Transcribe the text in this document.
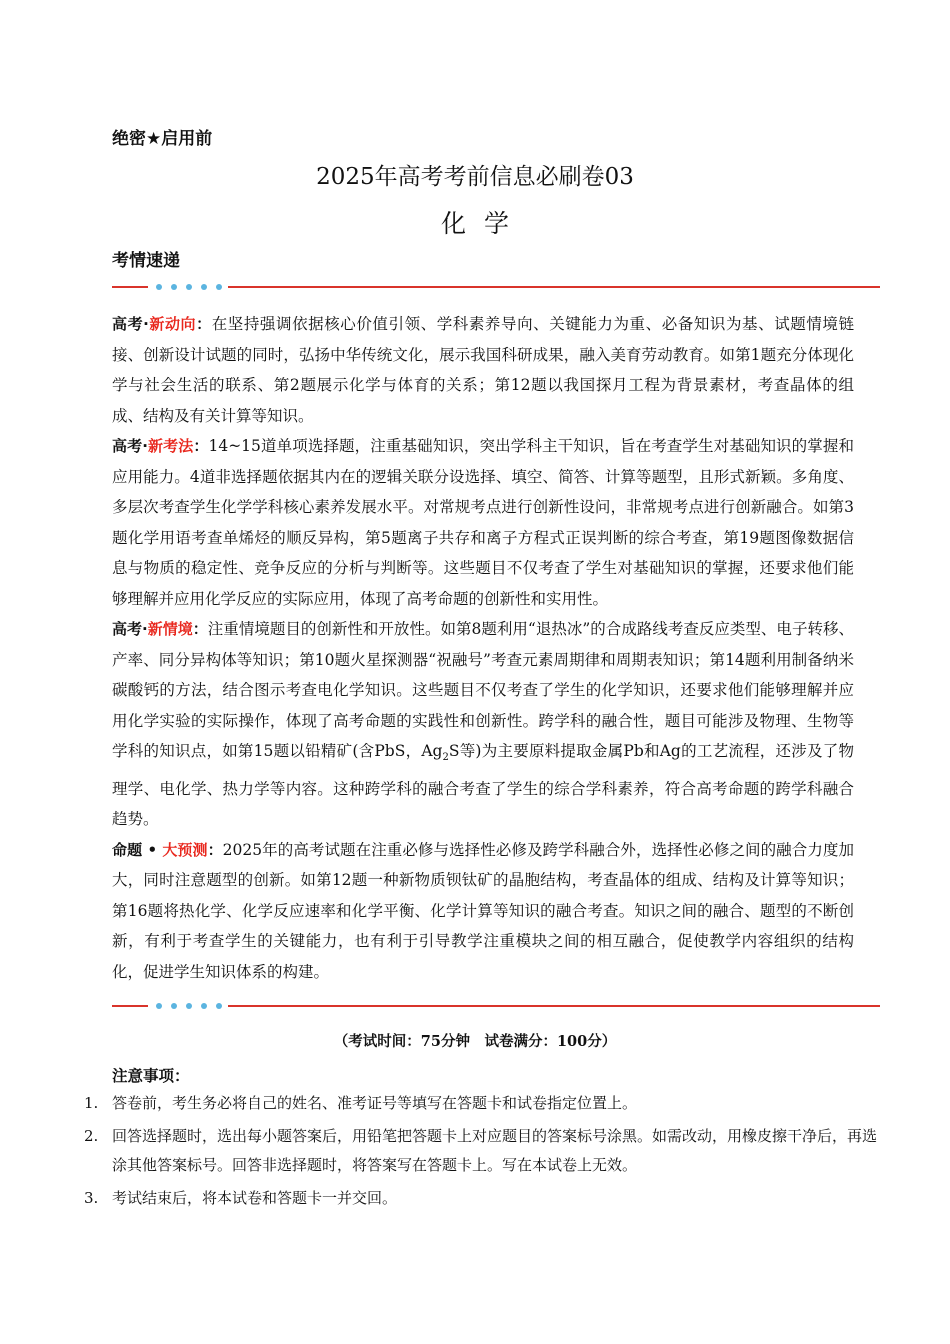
绝密★启用前
2025年高考考前信息必刷卷03
化学
考情速递

高考·新动向：在坚持强调依据核心价值引领、学科素养导向、关键能力为重、必备知识为基、试题情境链接、创新设计试题的同时，弘扬中华传统文化，展示我国科研成果，融入美育劳动教育。如第1题充分体现化学与社会生活的联系、第2题展示化学与体育的关系；第12题以我国探月工程为背景素材，考查晶体的组成、结构及有关计算等知识。

高考·新考法：14~15道单项选择题，注重基础知识，突出学科主干知识，旨在考查学生对基础知识的掌握和应用能力。4道非选择题依据其内在的逻辑关联分设选择、填空、简答、计算等题型，且形式新颖。多角度、多层次考查学生化学学科核心素养发展水平。对常规考点进行创新性设问，非常规考点进行创新融合。如第3题化学用语考查单烯烃的顺反异构，第5题离子共存和离子方程式正误判断的综合考查，第19题图像数据信息与物质的稳定性、竞争反应的分析与判断等。这些题目不仅考查了学生对基础知识的掌握，还要求他们能够理解并应用化学反应的实际应用，体现了高考命题的创新性和实用性。

高考·新情境：注重情境题目的创新性和开放性。如第8题利用“退热冰”的合成路线考查反应类型、电子转移、产率、同分异构体等知识；第10题火星探测器“祝融号”考查元素周期律和周期表知识；第14题利用制备纳米碳酸钙的方法，结合图示考查电化学知识。这些题目不仅考查了学生的化学知识，还要求他们能够理解并应用化学实验的实际操作，体现了高考命题的实践性和创新性。跨学科的融合性，题目可能涉及物理、生物等学科的知识点，如第15题以铅精矿(含PbS，$Ag_2S$等)为主要原料提取金属Pb和Ag的工艺流程，还涉及了物理学、电化学、热力学等内容。这种跨学科的融合考查了学生的综合学科素养，符合高考命题的跨学科融合趋势。

命题 • 大预测：2025年的高考试题在注重必修与选择性必修及跨学科融合外，选择性必修之间的融合力度加大，同时注意题型的创新。如第12题一种新物质钡钛矿的晶胞结构，考查晶体的组成、结构及计算等知识；第16题将热化学、化学反应速率和化学平衡、化学计算等知识的融合考查。知识之间的融合、题型的不断创新，有利于考查学生的关键能力，也有利于引导教学注重模块之间的相互融合，促使教学内容组织的结构化，促进学生知识体系的构建。

（考试时间：75分钟　试卷满分：100分）
注意事项：
1. 答卷前，考生务必将自己的姓名、准考证号等填写在答题卡和试卷指定位置上。
2. 回答选择题时，选出每小题答案后，用铅笔把答题卡上对应题目的答案标号涂黑。如需改动，用橡皮擦干净后，再选涂其他答案标号。回答非选择题时，将答案写在答题卡上。写在本试卷上无效。
3. 考试结束后，将本试卷和答题卡一并交回。
